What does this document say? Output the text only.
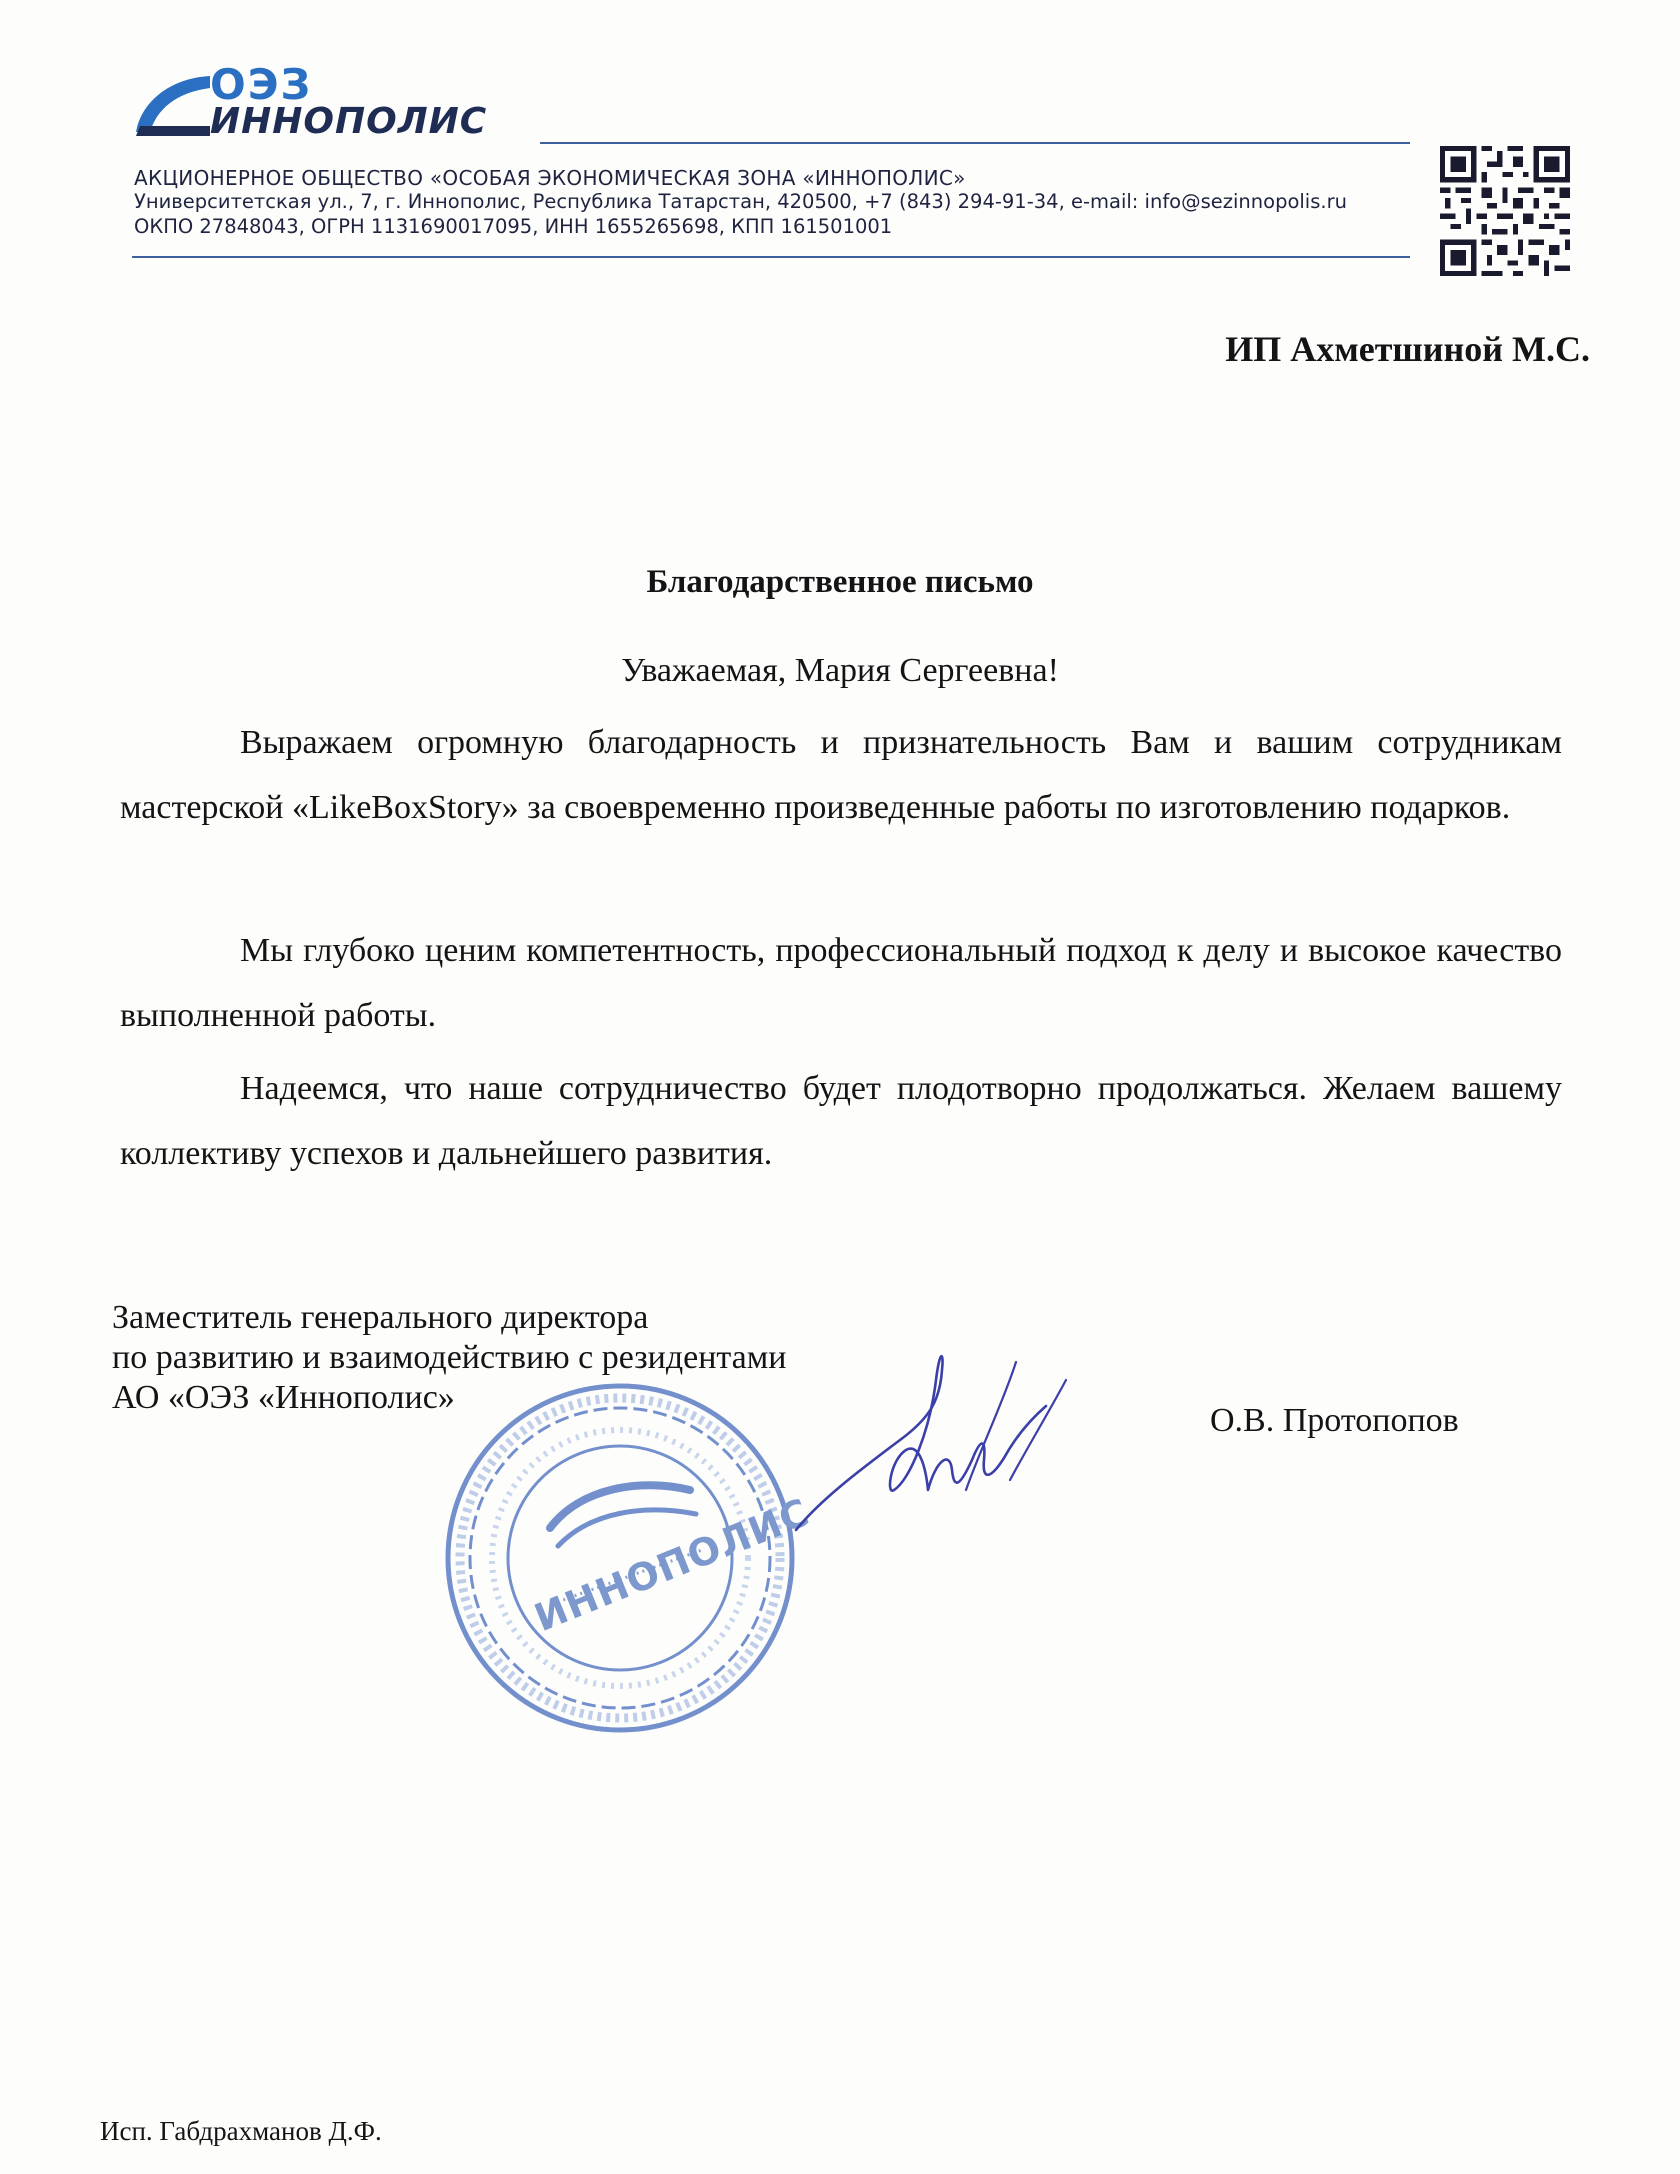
ОЭЗ
ИННОПОЛИС
АКЦИОНЕРНОЕ ОБЩЕСТВО «ОСОБАЯ ЭКОНОМИЧЕСКАЯ ЗОНА «ИННОПОЛИС»
Университетская ул., 7, г. Иннополис, Республика Татарстан, 420500, +7 (843) 294-91-34, e-mail: info@sezinnopolis.ru
ОКПО 27848043, ОГРН 1131690017095, ИНН 1655265698, КПП 161501001
ИП Ахметшиной М.С.
Благодарственное письмо
Уважаемая, Мария Сергеевна!

Выражаем огромную благодарность и признательность Вам и вашим сотрудникам мастерской «LikeBoxStory» за своевременно произведенные работы по изготовлению подарков.

Мы глубоко ценим компетентность, профессиональный подход к делу и высокое качество выполненной работы.

Надеемся, что наше сотрудничество будет плодотворно продолжаться. Желаем вашему коллективу успехов и дальнейшего развития.

Заместитель генерального директора
по развитию и взаимодействию с резидентами
АО «ОЭЗ «Иннополис»
О.В. Протопопов
ИННОПОЛИС
Исп. Габдрахманов Д.Ф.
